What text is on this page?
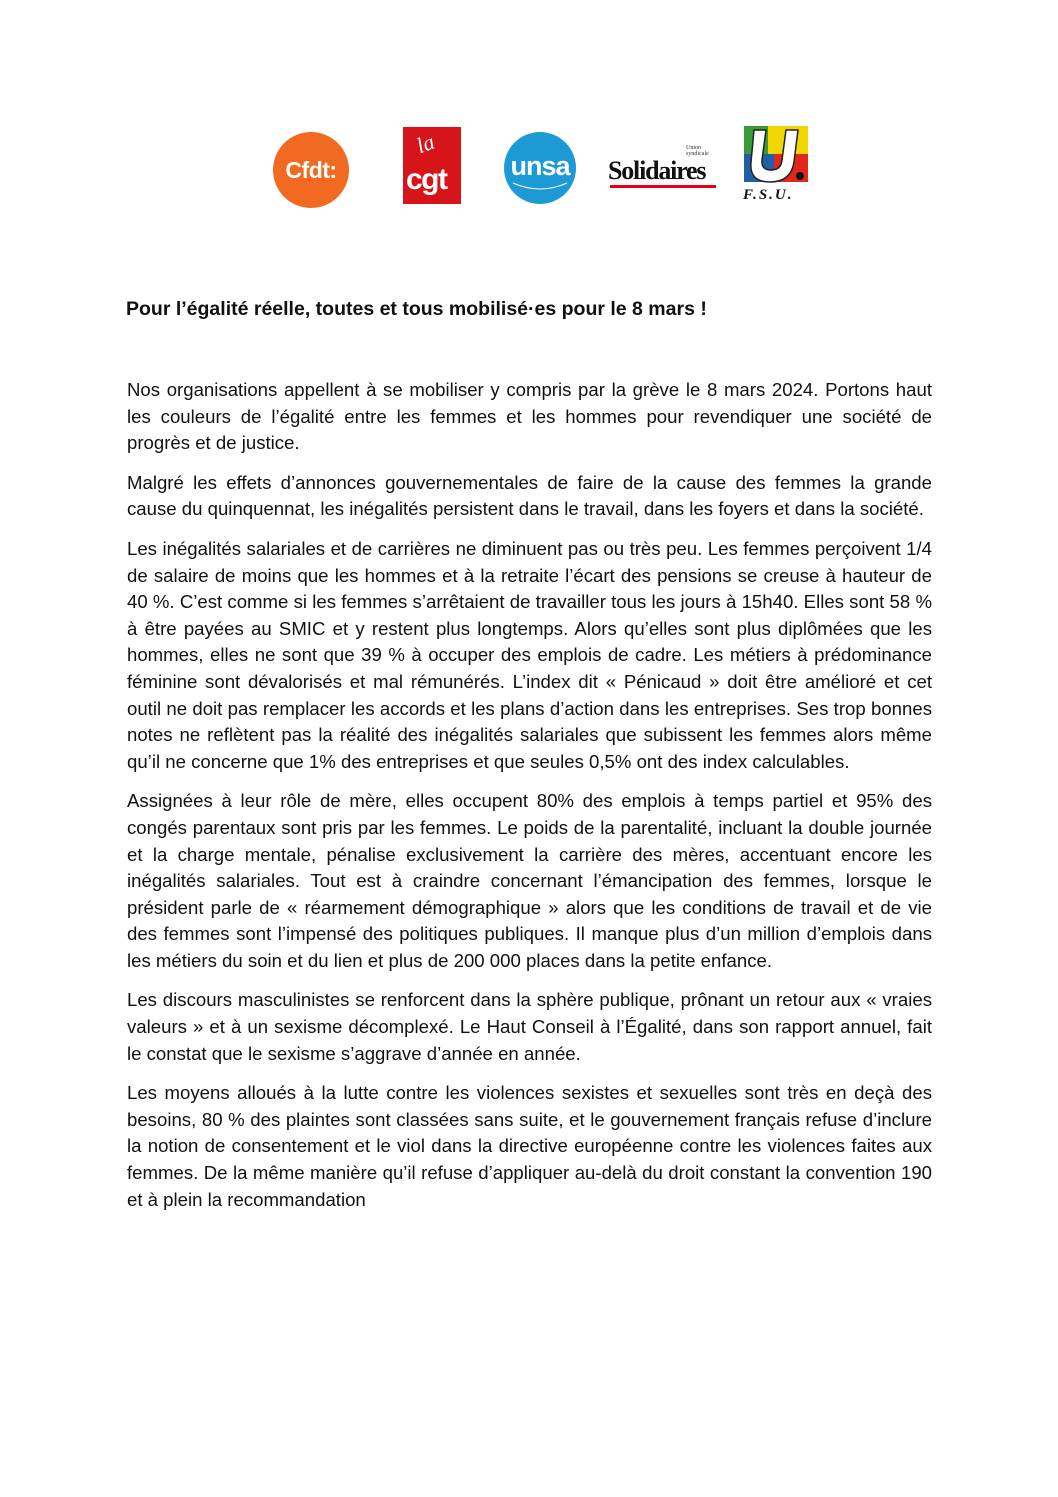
Cfdt:
la
cgt unsa
Union syndicale
Solidaires
F.S.U.
Pour l’égalité réelle, toutes et tous mobilisé·es pour le 8 mars !

Nos organisations appellent à se mobiliser y compris par la grève le 8 mars 2024. Portons haut les couleurs de l’égalité entre les femmes et les hommes pour revendiquer une société de progrès et de justice.

Malgré les effets d’annonces gouvernementales de faire de la cause des femmes la grande cause du quinquennat, les inégalités persistent dans le travail, dans les foyers et dans la société.

Les inégalités salariales et de carrières ne diminuent pas ou très peu. Les femmes perçoivent 1/4 de salaire de moins que les hommes et à la retraite l’écart des pensions se creuse à hauteur de 40 %. C’est comme si les femmes s’arrêtaient de travailler tous les jours à 15h40. Elles sont 58 % à être payées au SMIC et y restent plus longtemps. Alors qu’elles sont plus diplômées que les hommes, elles ne sont que 39 % à occuper des emplois de cadre. Les métiers à prédominance féminine sont dévalorisés et mal rémunérés. L’index dit « Pénicaud » doit être amélioré et cet outil ne doit pas remplacer les accords et les plans d’action dans les entreprises. Ses trop bonnes notes ne reflètent pas la réalité des inégalités salariales que subissent les femmes alors même qu’il ne concerne que 1% des entreprises et que seules 0,5% ont des index calculables.

Assignées à leur rôle de mère, elles occupent 80% des emplois à temps partiel et 95% des congés parentaux sont pris par les femmes. Le poids de la parentalité, incluant la double journée et la charge mentale, pénalise exclusivement la carrière des mères, accentuant encore les inégalités salariales. Tout est à craindre concernant l’émancipation des femmes, lorsque le président parle de « réarmement démographique » alors que les conditions de travail et de vie des femmes sont l’impensé des politiques publiques. Il manque plus d’un million d’emplois dans les métiers du soin et du lien et plus de 200 000 places dans la petite enfance.

Les discours masculinistes se renforcent dans la sphère publique, prônant un retour aux « vraies valeurs » et à un sexisme décomplexé. Le Haut Conseil à l’Égalité, dans son rapport annuel, fait le constat que le sexisme s’aggrave d’année en année.

Les moyens alloués à la lutte contre les violences sexistes et sexuelles sont très en deçà des besoins, 80 % des plaintes sont classées sans suite, et le gouvernement français refuse d’inclure la notion de consentement et le viol dans la directive européenne contre les violences faites aux femmes. De la même manière qu’il refuse d’appliquer au-delà du droit constant la convention 190 et à plein la recommandation
